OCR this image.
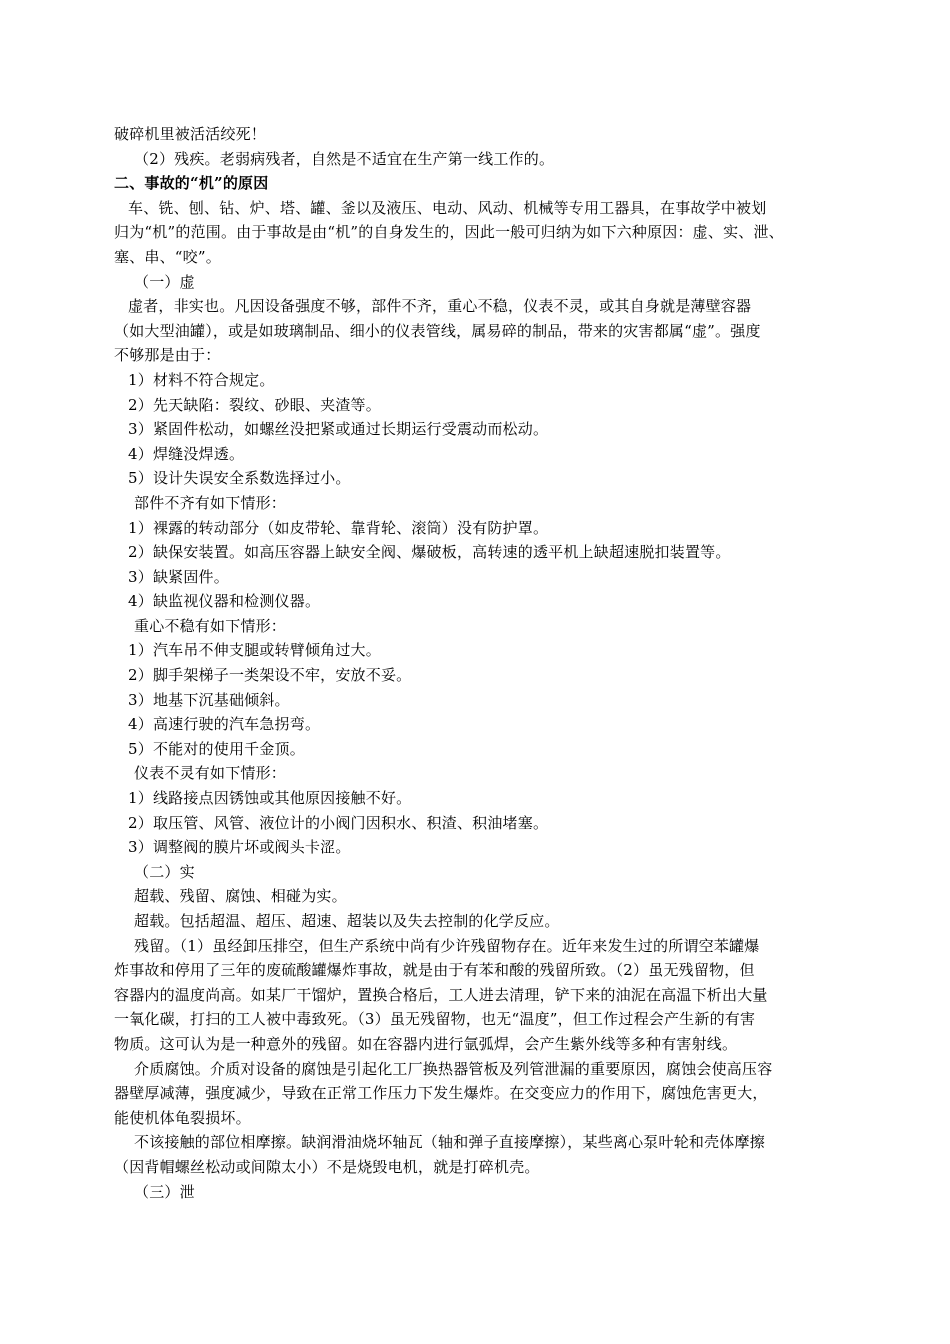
破碎机里被活活绞死！
（2）残疾。老弱病残者，自然是不适宜在生产第一线工作的。
二、事故的“机”的原因
车、铣、刨、钻、炉、塔、罐、釜以及液压、电动、风动、机械等专用工器具，在事故学中被划
归为“机”的范围。由于事故是由“机”的自身发生的，因此一般可归纳为如下六种原因：虚、实、泄、
塞、串、“咬”。
（一）虚
虚者，非实也。凡因设备强度不够，部件不齐，重心不稳，仪表不灵，或其自身就是薄壁容器
（如大型油罐），或是如玻璃制品、细小的仪表管线，属易碎的制品，带来的灾害都属“虚”。强度
不够那是由于：
1）材料不符合规定。
2）先天缺陷：裂纹、砂眼、夹渣等。
3）紧固件松动，如螺丝没把紧或通过长期运行受震动而松动。
4）焊缝没焊透。
5）设计失误安全系数选择过小。
部件不齐有如下情形：
1）裸露的转动部分（如皮带轮、靠背轮、滚筒）没有防护罩。
2）缺保安装置。如高压容器上缺安全阀、爆破板，高转速的透平机上缺超速脱扣装置等。
3）缺紧固件。
4）缺监视仪器和检测仪器。
重心不稳有如下情形：
1）汽车吊不伸支腿或转臂倾角过大。
2）脚手架梯子一类架设不牢，安放不妥。
3）地基下沉基础倾斜。
4）高速行驶的汽车急拐弯。
5）不能对的使用千金顶。
仪表不灵有如下情形：
1）线路接点因锈蚀或其他原因接触不好。
2）取压管、风管、液位计的小阀门因积水、积渣、积油堵塞。
3）调整阀的膜片坏或阀头卡涩。
（二）实
超载、残留、腐蚀、相碰为实。
超载。包括超温、超压、超速、超装以及失去控制的化学反应。
残留。（1）虽经卸压排空，但生产系统中尚有少许残留物存在。近年来发生过的所谓空苯罐爆
炸事故和停用了三年的废硫酸罐爆炸事故，就是由于有苯和酸的残留所致。（2）虽无残留物，但
容器内的温度尚高。如某厂干馏炉，置换合格后，工人进去清理，铲下来的油泥在高温下析出大量
一氧化碳，打扫的工人被中毒致死。（3）虽无残留物，也无“温度”，但工作过程会产生新的有害
物质。这可认为是一种意外的残留。如在容器内进行氩弧焊，会产生紫外线等多种有害射线。
介质腐蚀。介质对设备的腐蚀是引起化工厂换热器管板及列管泄漏的重要原因，腐蚀会使高压容
器壁厚减薄，强度减少，导致在正常工作压力下发生爆炸。在交变应力的作用下，腐蚀危害更大，
能使机体龟裂损坏。
不该接触的部位相摩擦。缺润滑油烧坏轴瓦（轴和弹子直接摩擦），某些离心泵叶轮和壳体摩擦
（因背帽螺丝松动或间隙太小）不是烧毁电机，就是打碎机壳。
（三）泄
